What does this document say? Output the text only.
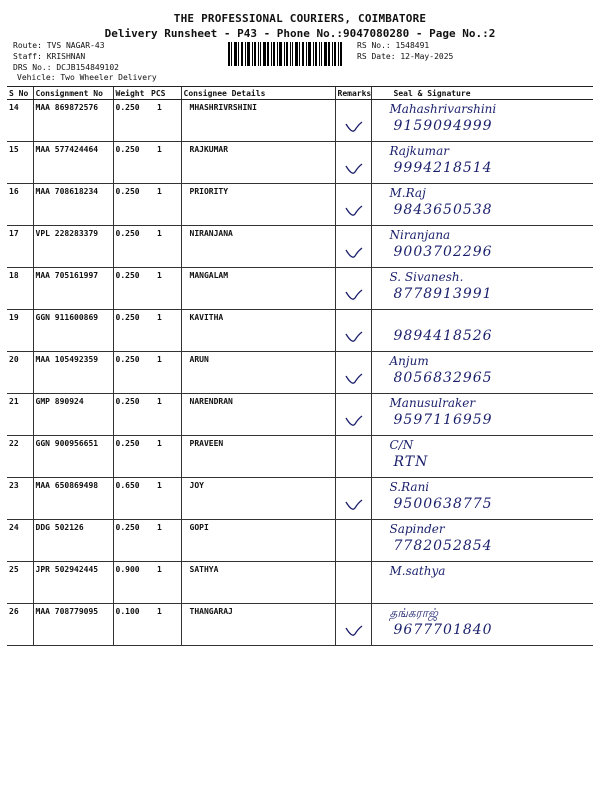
THE PROFESSIONAL COURIERS, COIMBATORE
Delivery Runsheet - P43 - Phone No.:9047080280 - Page No.:2
Route: TVS NAGAR-43
Staff: KRISHNAN
DRS No.: DCJB154849102
Vehicle: Two Wheeler Delivery
RS No.: 1548491
RS Date: 12-May-2025
S No	Consignment No	Weight	PCS	Consignee Details	Remarks	Seal & Signature
14	MAA 869872576	0.250	1	MHASHRIVRSHINI		Mahashrivarshini
9159094999

15	MAA 577424464	0.250	1	RAJKUMAR		Rajkumar
9994218514

16	MAA 708618234	0.250	1	PRIORITY		M.Raj
9843650538

17	VPL 228283379	0.250	1	NIRANJANA		Niranjana
9003702296

18	MAA 705161997	0.250	1	MANGALAM		S. Sivanesh.
8778913991

19	GGN 911600869	0.250	1	KAVITHA		9894418526

20	MAA 105492359	0.250	1	ARUN		Anjum
8056832965

21	GMP 890924	0.250	1	NARENDRAN		Manusulraker
9597116959

22	GGN 900956651	0.250	1	PRAVEEN		C/N
RTN

23	MAA 650869498	0.650	1	JOY		S.Rani
9500638775

24	DDG 502126	0.250	1	GOPI		Sapinder
7782052854

25	JPR 502942445	0.900	1	SATHYA		M.sathya

26	MAA 708779095	0.100	1	THANGARAJ		தங்கராஜ்
9677701840
